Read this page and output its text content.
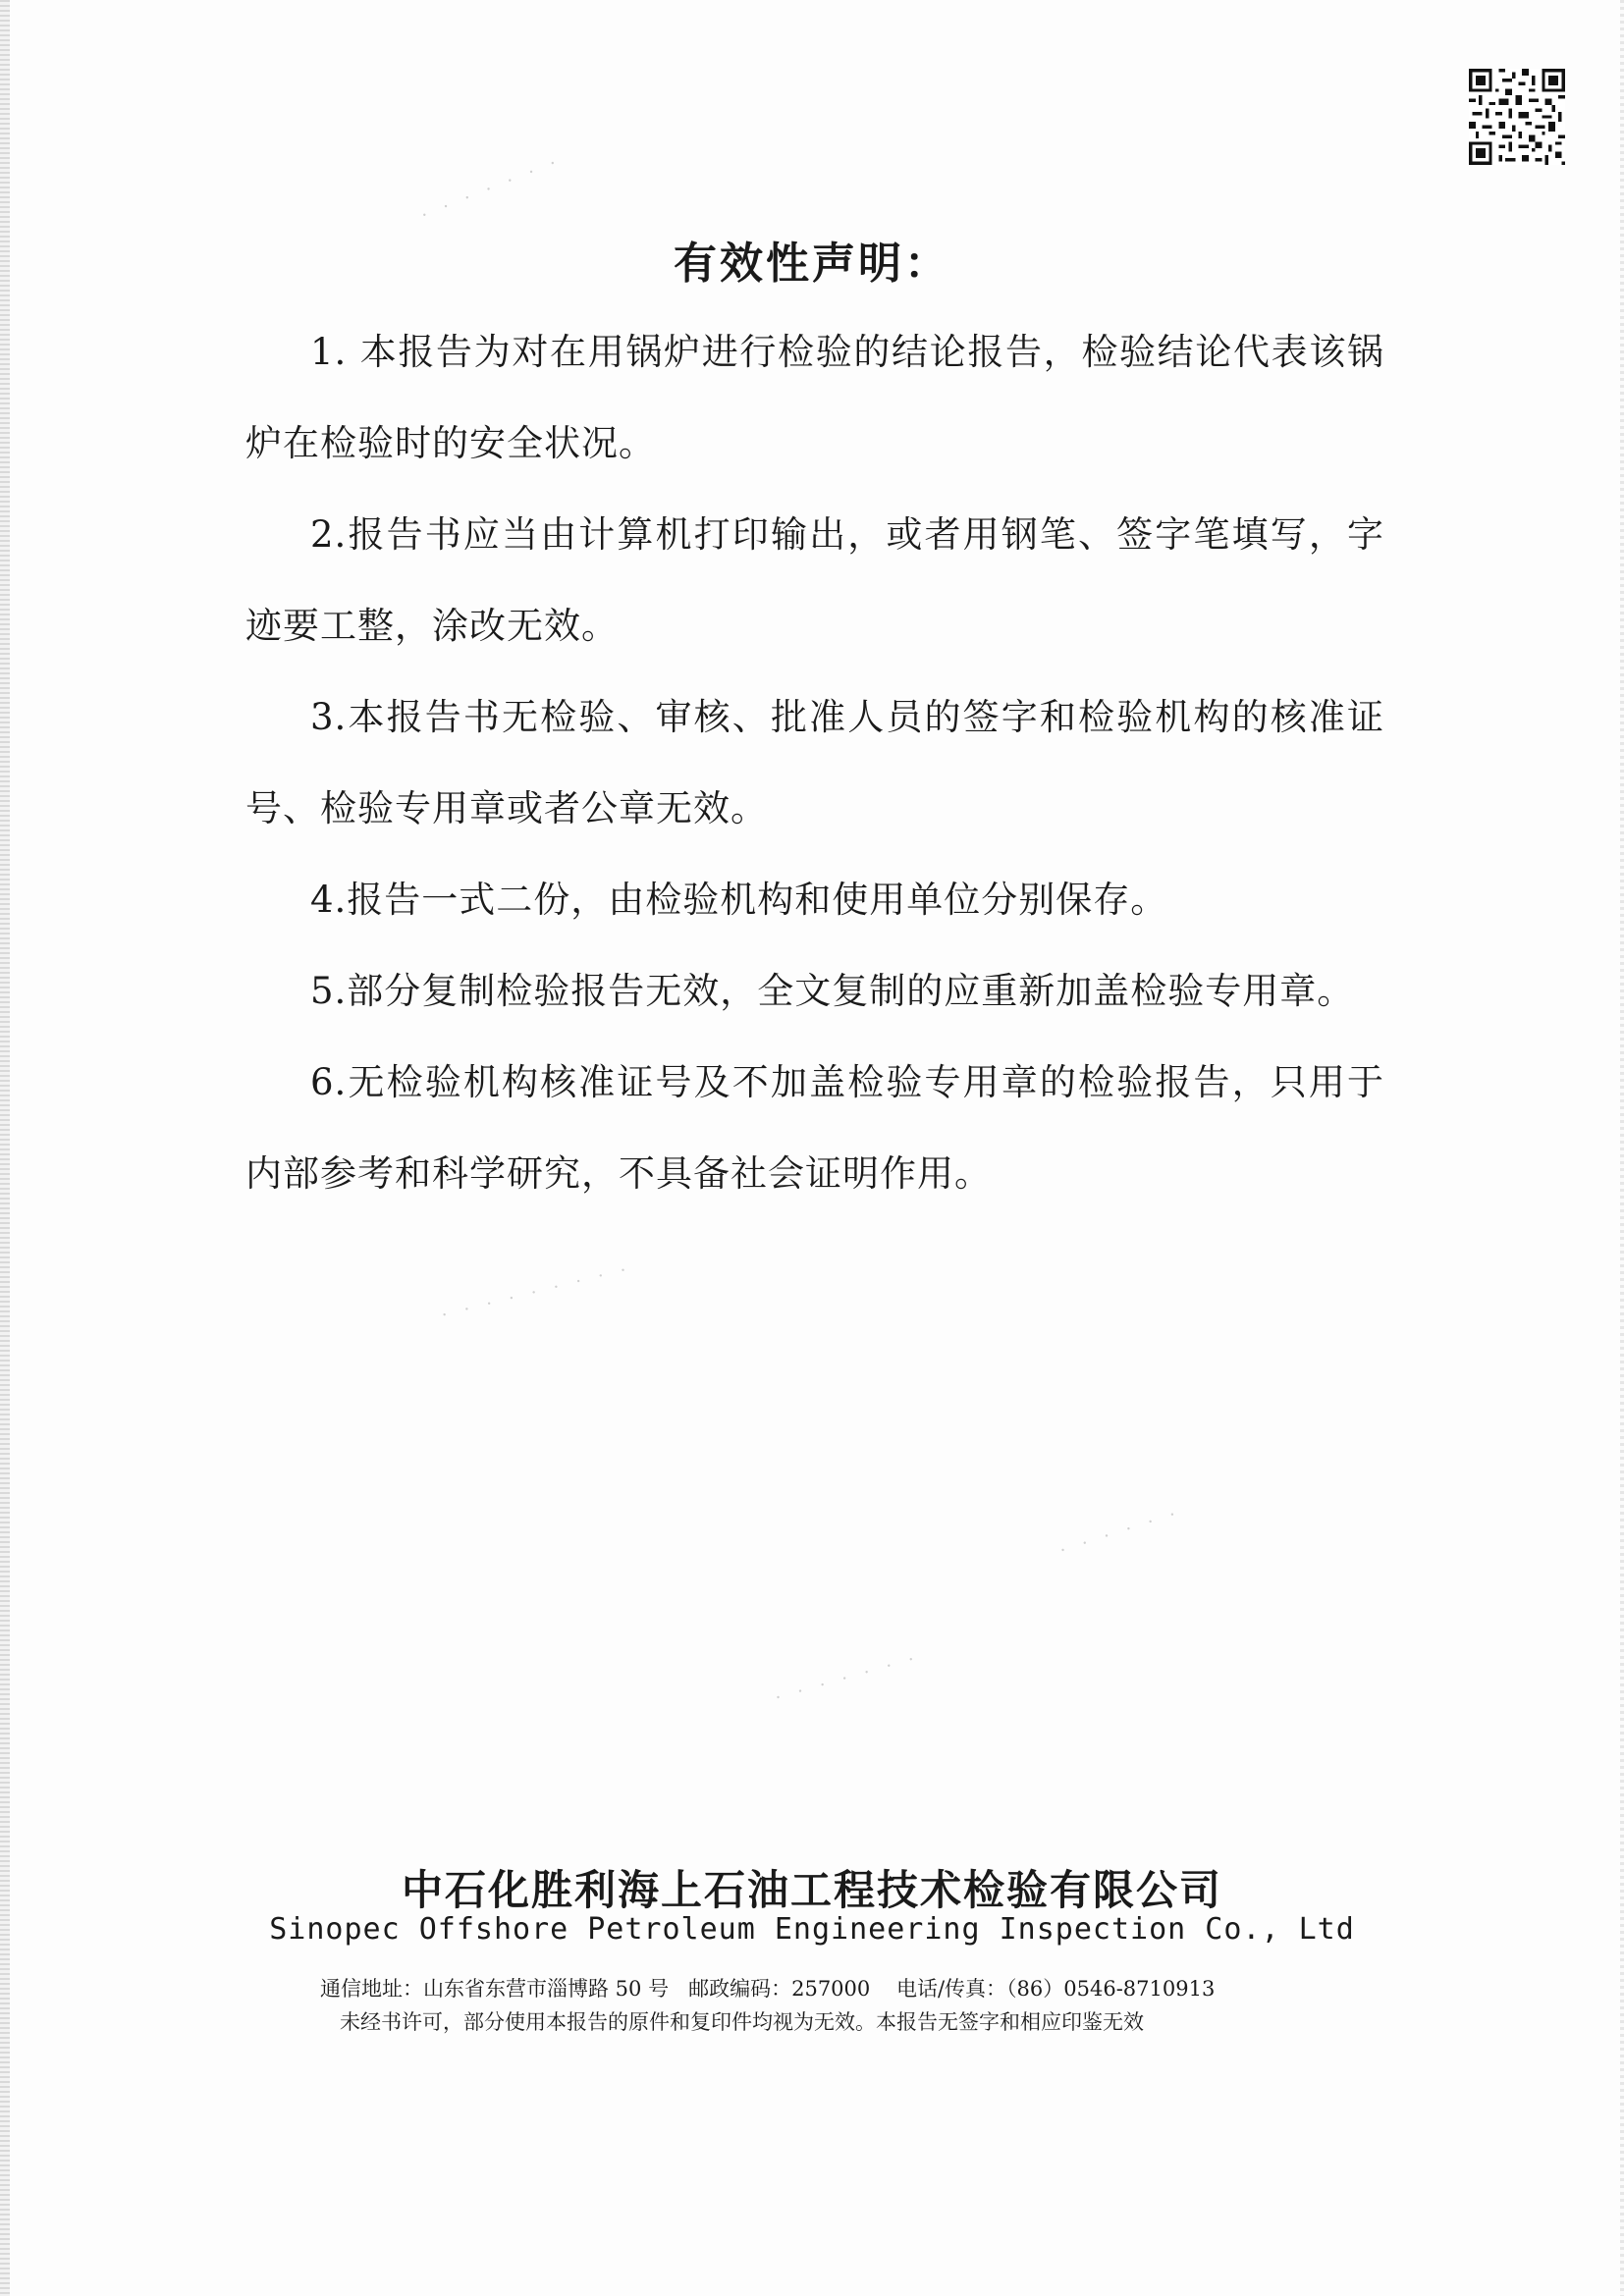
· · · · · · ·
· · · · · · · · ·
· · · · · · ·
· · · · · ·
有效性声明：

1. 本报告为对在用锅炉进行检验的结论报告，检验结论代表该锅炉在检验时的安全状况。

2.报告书应当由计算机打印输出，或者用钢笔、签字笔填写，字迹要工整，涂改无效。

3.本报告书无检验、审核、批准人员的签字和检验机构的核准证号、检验专用章或者公章无效。

4.报告一式二份，由检验机构和使用单位分别保存。

5.部分复制检验报告无效，全文复制的应重新加盖检验专用章。

6.无检验机构核准证号及不加盖检验专用章的检验报告，只用于内部参考和科学研究，不具备社会证明作用。

中石化胜利海上石油工程技术检验有限公司
Sinopec Offshore Petroleum Engineering Inspection Co., Ltd
通信地址：山东省东营市淄博路 50 号   邮政编码：257000    电话/传真：（86）0546-8710913
未经书许可，部分使用本报告的原件和复印件均视为无效。本报告无签字和相应印鉴无效
